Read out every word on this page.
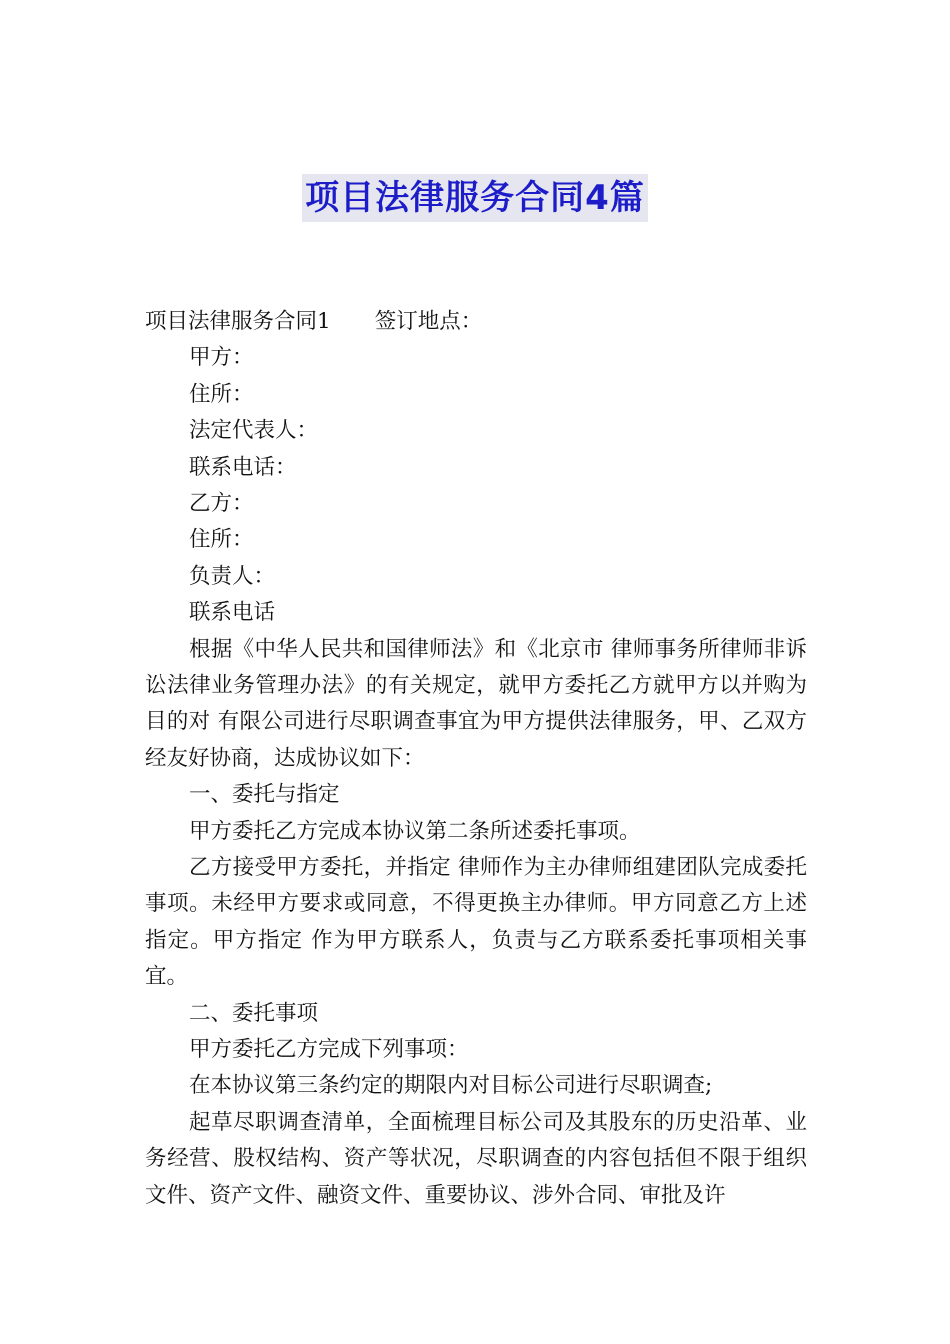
项目法律服务合同4篇
项目法律服务合同1 签订地点：
甲方：
住所：
法定代表人：
联系电话：
乙方：
住所：
负责人：
联系电话

根据《中华人民共和国律师法》和《北京市 律师事务所律师非诉讼法律业务管理办法》的有关规定，就甲方委托乙方就甲方以并购为目的对 有限公司进行尽职调查事宜为甲方提供法律服务，甲、乙双方经友好协商，达成协议如下：

一、委托与指定

甲方委托乙方完成本协议第二条所述委托事项。

乙方接受甲方委托，并指定 律师作为主办律师组建团队完成委托事项。未经甲方要求或同意，不得更换主办律师。甲方同意乙方上述指定。甲方指定 作为甲方联系人，负责与乙方联系委托事项相关事宜。

二、委托事项

甲方委托乙方完成下列事项：

在本协议第三条约定的期限内对目标公司进行尽职调查;

起草尽职调查清单，全面梳理目标公司及其股东的历史沿革、业务经营、股权结构、资产等状况，尽职调查的内容包括但不限于组织文件、资产文件、融资文件、重要协议、涉外合同、审批及许
